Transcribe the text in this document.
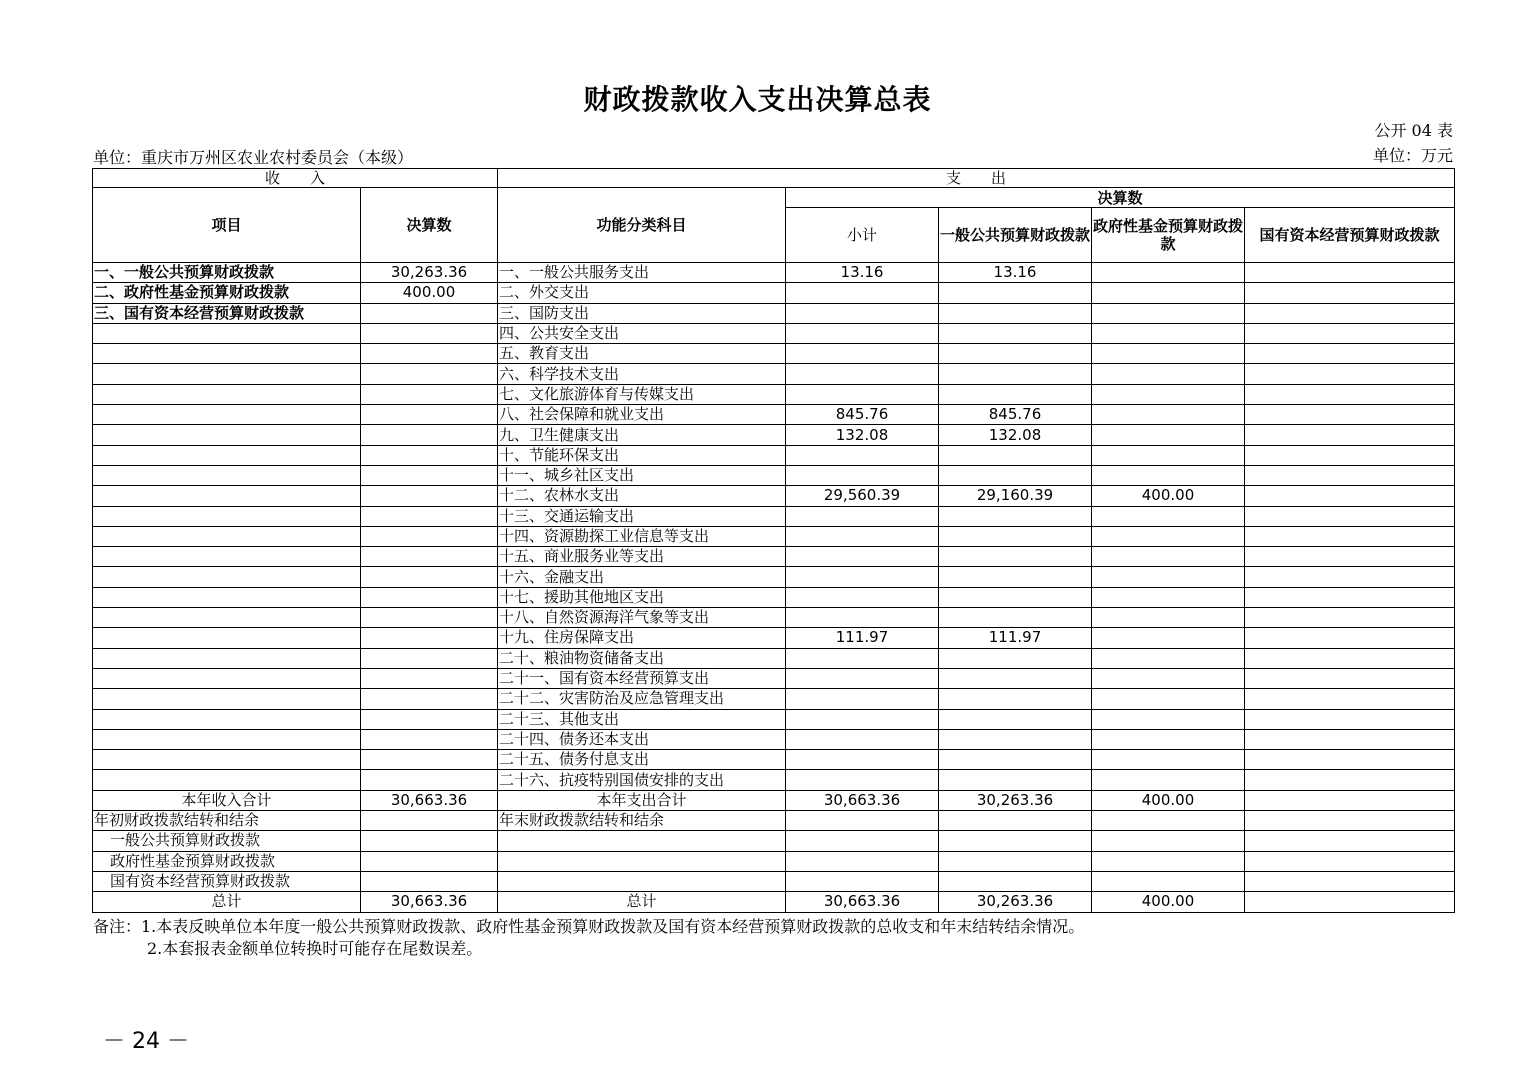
财政拨款收入支出决算总表
公开 04 表
单位：重庆市万州区农业农村委员会（本级）	单位：万元
收　　入		支　　出				
项目	决算数	功能分类科目	决算数			
			小计	一般公共预算财政拨款	政府性基金预算财政拨款	国有资本经营预算财政拨款
一、一般公共预算财政拨款	30,263.36	一、一般公共服务支出	13.16	13.16		
二、政府性基金预算财政拨款	400.00	二、外交支出				
三、国有资本经营预算财政拨款		三、国防支出				
		四、公共安全支出				
		五、教育支出				
		六、科学技术支出				
		七、文化旅游体育与传媒支出				
		八、社会保障和就业支出	845.76	845.76		
		九、卫生健康支出	132.08	132.08		
		十、节能环保支出				
		十一、城乡社区支出				
		十二、农林水支出	29,560.39	29,160.39	400.00	
		十三、交通运输支出				
		十四、资源勘探工业信息等支出				
		十五、商业服务业等支出				
		十六、金融支出				
		十七、援助其他地区支出				
		十八、自然资源海洋气象等支出				
		十九、住房保障支出	111.97	111.97		
		二十、粮油物资储备支出				
		二十一、国有资本经营预算支出				
		二十二、灾害防治及应急管理支出				
		二十三、其他支出				
		二十四、债务还本支出				
		二十五、债务付息支出				
		二十六、抗疫特别国债安排的支出				
本年收入合计	30,663.36	本年支出合计	30,663.36	30,263.36	400.00	
年初财政拨款结转和结余		年末财政拨款结转和结余				
一般公共预算财政拨款						
政府性基金预算财政拨款						
国有资本经营预算财政拨款						
总计	30,663.36	总计	30,663.36	30,263.36	400.00	
备注：1.本表反映单位本年度一般公共预算财政拨款、政府性基金预算财政拨款及国有资本经营预算财政拨款的总收支和年末结转结余情况。
2.本套报表金额单位转换时可能存在尾数误差。
－ 24 －
